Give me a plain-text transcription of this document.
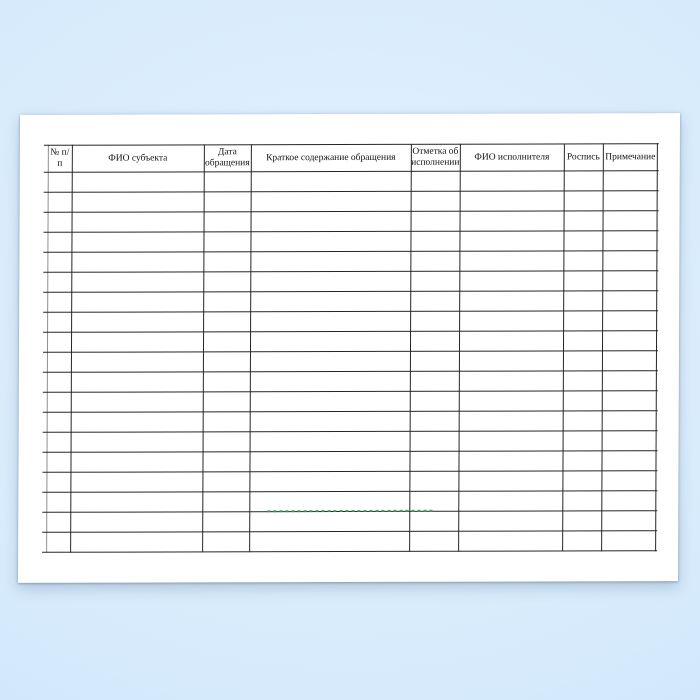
№ п/п
ФИО субъекта
Дата обращения
Краткое содержание обращения
Отметка об исполнении
ФИО исполнителя	Роспись Примечание
